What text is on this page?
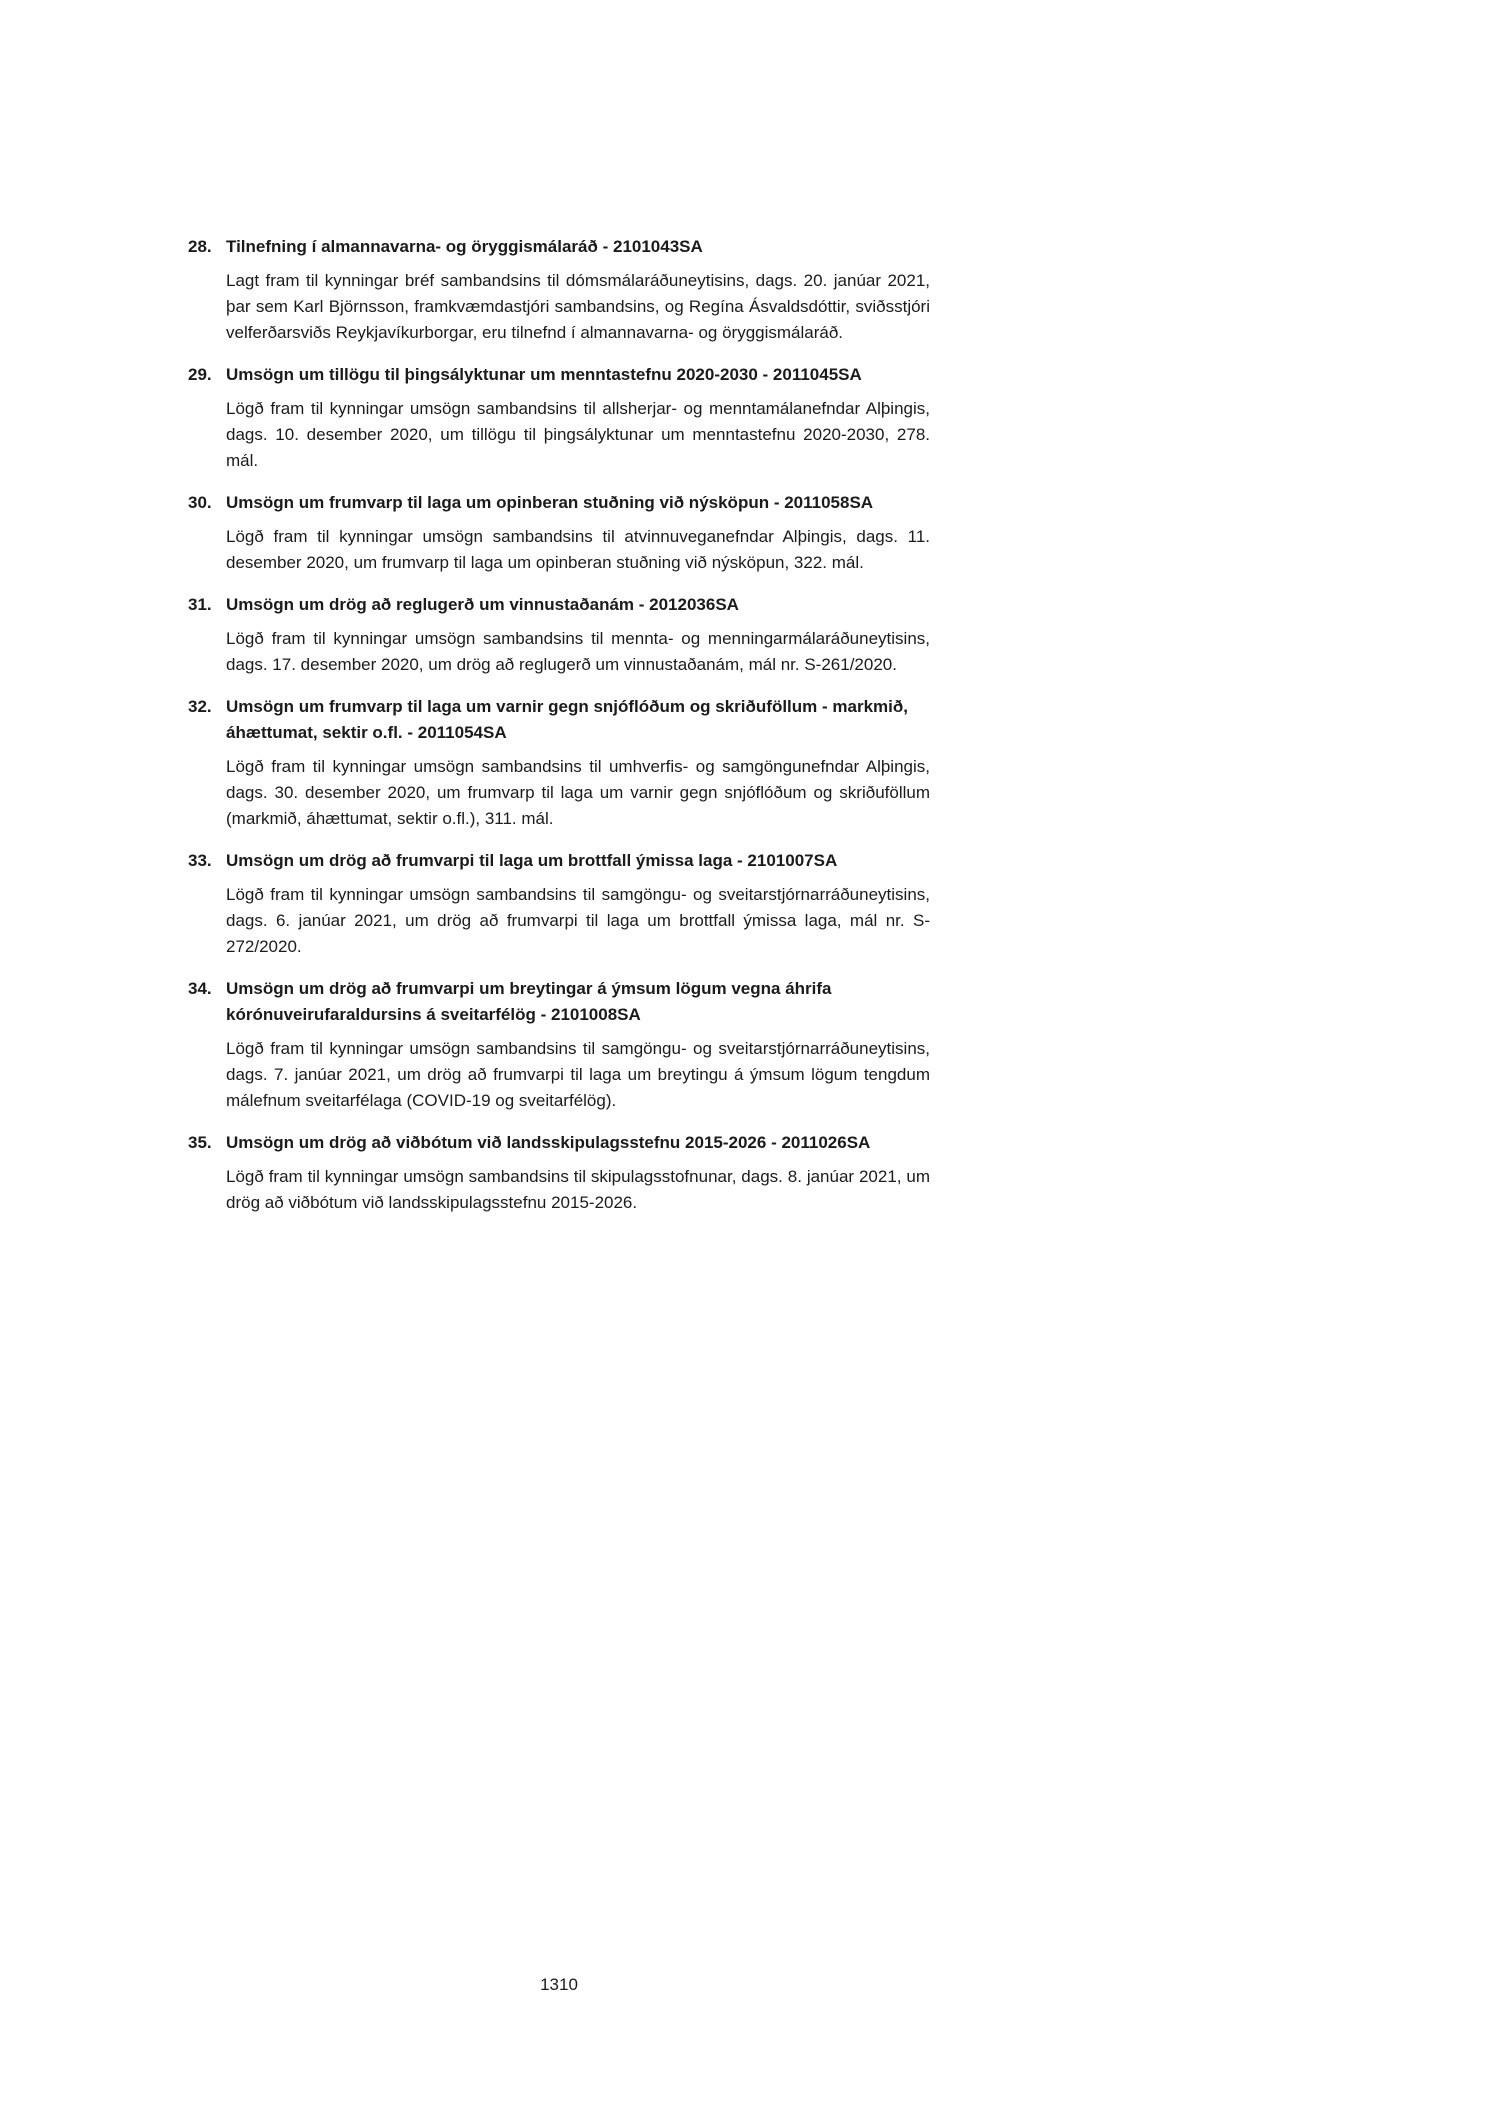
28. Tilnefning í almannavarna- og öryggismálaráð - 2101043SA
Lagt fram til kynningar bréf sambandsins til dómsmálaráðuneytisins, dags. 20. janúar 2021, þar sem Karl Björnsson, framkvæmdastjóri sambandsins, og Regína Ásvaldsdóttir, sviðsstjóri velferðarsviðs Reykjavíkurborgar, eru tilnefnd í almannavarna- og öryggismálaráð.
29. Umsögn um tillögu til þingsályktunar um menntastefnu 2020-2030 - 2011045SA
Lögð fram til kynningar umsögn sambandsins til allsherjar- og menntamálanefndar Alþingis, dags. 10. desember 2020, um tillögu til þingsályktunar um menntastefnu 2020-2030, 278. mál.
30. Umsögn um frumvarp til laga um opinberan stuðning við nýsköpun - 2011058SA
Lögð fram til kynningar umsögn sambandsins til atvinnuveganefndar Alþingis, dags. 11. desember 2020, um frumvarp til laga um opinberan stuðning við nýsköpun, 322. mál.
31. Umsögn um drög að reglugerð um vinnustaðanám - 2012036SA
Lögð fram til kynningar umsögn sambandsins til mennta- og menningarmálaráðuneytisins, dags. 17. desember 2020, um drög að reglugerð um vinnustaðanám, mál nr. S-261/2020.
32. Umsögn um frumvarp til laga um varnir gegn snjóflóðum og skriðuföllum - markmið, áhættumat, sektir o.fl. - 2011054SA
Lögð fram til kynningar umsögn sambandsins til umhverfis- og samgöngunefndar Alþingis, dags. 30. desember 2020, um frumvarp til laga um varnir gegn snjóflóðum og skriðuföllum (markmið, áhættumat, sektir o.fl.), 311. mál.
33. Umsögn um drög að frumvarpi til laga um brottfall ýmissa laga - 2101007SA
Lögð fram til kynningar umsögn sambandsins til samgöngu- og sveitarstjórnarráðuneytisins, dags. 6. janúar 2021, um drög að frumvarpi til laga um brottfall ýmissa laga, mál nr. S-272/2020.
34. Umsögn um drög að frumvarpi um breytingar á ýmsum lögum vegna áhrifa kórónuveirufaraldursins á sveitarfélög - 2101008SA
Lögð fram til kynningar umsögn sambandsins til samgöngu- og sveitarstjórnarráðuneytisins, dags. 7. janúar 2021, um drög að frumvarpi til laga um breytingu á ýmsum lögum tengdum málefnum sveitarfélaga (COVID-19 og sveitarfélög).
35. Umsögn um drög að viðbótum við landsskipulagsstefnu 2015-2026 - 2011026SA
Lögð fram til kynningar umsögn sambandsins til skipulagsstofnunar, dags. 8. janúar 2021, um drög að viðbótum við landsskipulagsstefnu 2015-2026.
1310
